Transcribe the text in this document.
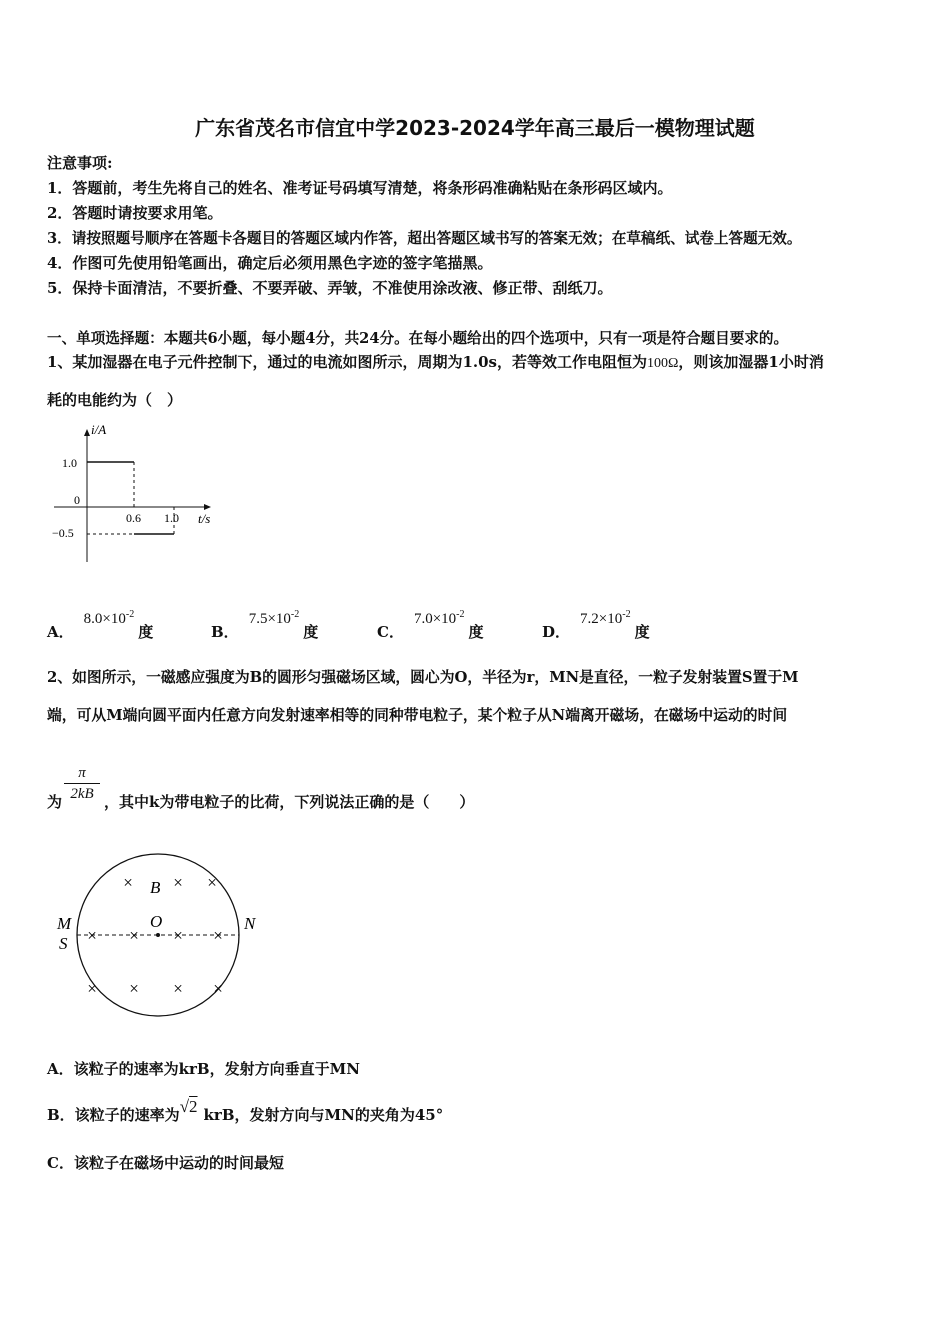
广东省茂名市信宜中学2023-2024学年高三最后一模物理试题
注意事项:
1．答题前，考生先将自己的姓名、准考证号码填写清楚，将条形码准确粘贴在条形码区域内。
2．答题时请按要求用笔。
3．请按照题号顺序在答题卡各题目的答题区域内作答，超出答题区域书写的答案无效；在草稿纸、试卷上答题无效。
4．作图可先使用铅笔画出，确定后必须用黑色字迹的签字笔描黑。
5．保持卡面清洁，不要折叠、不要弄破、弄皱，不准使用涂改液、修正带、刮纸刀。
一、单项选择题：本题共6小题，每小题4分，共24分。在每小题给出的四个选项中，只有一项是符合题目要求的。
1、某加湿器在电子元件控制下，通过的电流如图所示，周期为1.0s，若等效工作电阻恒为100Ω，则该加湿器1小时消
耗的电能约为（　）
i/A
1.0
0
−0.5
0.6 1.0 t/s
A．$8.0\times 10^{-2}$度	B．$7.5\times 10^{-2}$度	C．$7.0\times 10^{-2}$度	D．$7.2\times 10^{-2}$度
2、如图所示，一磁感应强度为B的圆形匀强磁场区域，圆心为O，半径为r，MN是直径，一粒子发射装置S置于M
端，可从M端向圆平面内任意方向发射速率相等的同种带电粒子，某个粒子从N端离开磁场，在磁场中运动的时间
为
π
2kB ，其中k为带电粒子的比荷，下列说法正确的是（　　）
× × ×
× × × ×
× × × ×
B
O
M
S
N
A．该粒子的速率为krB，发射方向垂直于MN
B．该粒子的速率为√2 krB，发射方向与MN的夹角为45°
C．该粒子在磁场中运动的时间最短
